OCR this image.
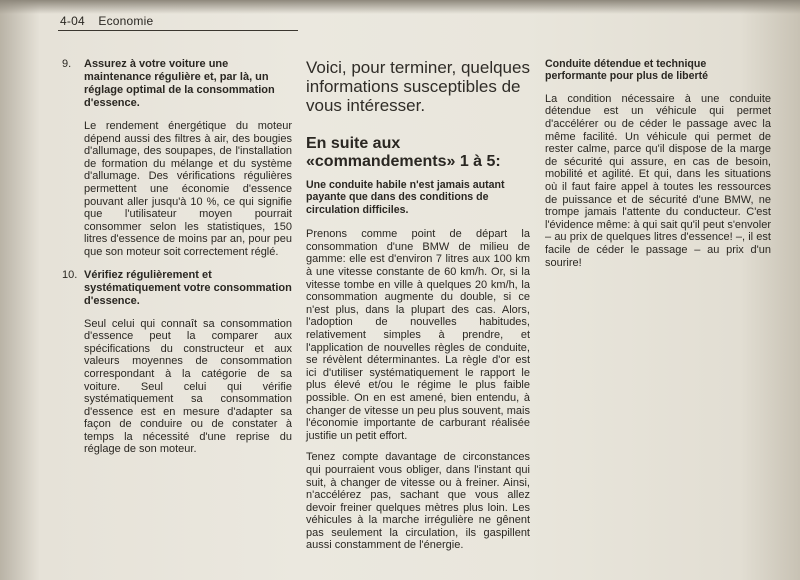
4-04 Economie
9. Assurez à votre voiture une maintenance régulière et, par là, un réglage optimal de la consommation d'essence.

Le rendement énergétique du moteur dépend aussi des filtres à air, des bougies d'allumage, des soupapes, de l'installation de formation du mélange et du système d'allumage. Des vérifications régulières permettent une économie d'essence pouvant aller jusqu'à 10 %, ce qui signifie que l'utilisateur moyen pourrait consommer selon les statistiques, 150 litres d'essence de moins par an, pour peu que son moteur soit correctement réglé.

10. Vérifiez régulièrement et systématiquement votre consommation d'essence.

Seul celui qui connaît sa consommation d'essence peut la comparer aux spécifications du constructeur et aux valeurs moyennes de consommation correspondant à la catégorie de sa voiture. Seul celui qui vérifie systématiquement sa consommation d'essence est en mesure d'adapter sa façon de conduire ou de constater à temps la nécessité d'une reprise du réglage de son moteur.

Voici, pour terminer, quelques informations susceptibles de vous intéresser.

En suite aux «commandements» 1 à 5:

Une conduite habile n'est jamais autant payante que dans des conditions de circulation difficiles.

Prenons comme point de départ la consommation d'une BMW de milieu de gamme: elle est d'environ 7 litres aux 100 km à une vitesse constante de 60 km/h. Or, si la vitesse tombe en ville à quelques 20 km/h, la consommation augmente du double, si ce n'est plus, dans la plupart des cas. Alors, l'adoption de nouvelles habitudes, relativement simples à prendre, et l'application de nouvelles règles de conduite, se révèlent déterminantes. La règle d'or est ici d'utiliser systématiquement le rapport le plus élevé et/ou le régime le plus faible possible. On en est amené, bien entendu, à changer de vitesse un peu plus souvent, mais l'économie importante de carburant réalisée justifie un petit effort.

Tenez compte davantage de circonstances qui pourraient vous obliger, dans l'instant qui suit, à changer de vitesse ou à freiner. Ainsi, n'accélérez pas, sachant que vous allez devoir freiner quelques mètres plus loin. Les véhicules à la marche irrégulière ne gênent pas seulement la circulation, ils gaspillent aussi constamment de l'énergie.

Conduite détendue et technique performante pour plus de liberté

La condition nécessaire à une conduite détendue est un véhicule qui permet d'accélérer ou de céder le passage avec la même facilité. Un véhicule qui permet de rester calme, parce qu'il dispose de la marge de sécurité qui assure, en cas de besoin, mobilité et agilité. Et qui, dans les situations où il faut faire appel à toutes les ressources de puissance et de sécurité d'une BMW, ne trompe jamais l'attente du conducteur. C'est l'évidence même: à qui sait qu'il peut s'envoler – au prix de quelques litres d'essence! –, il est facile de céder le passage – au prix d'un sourire!
